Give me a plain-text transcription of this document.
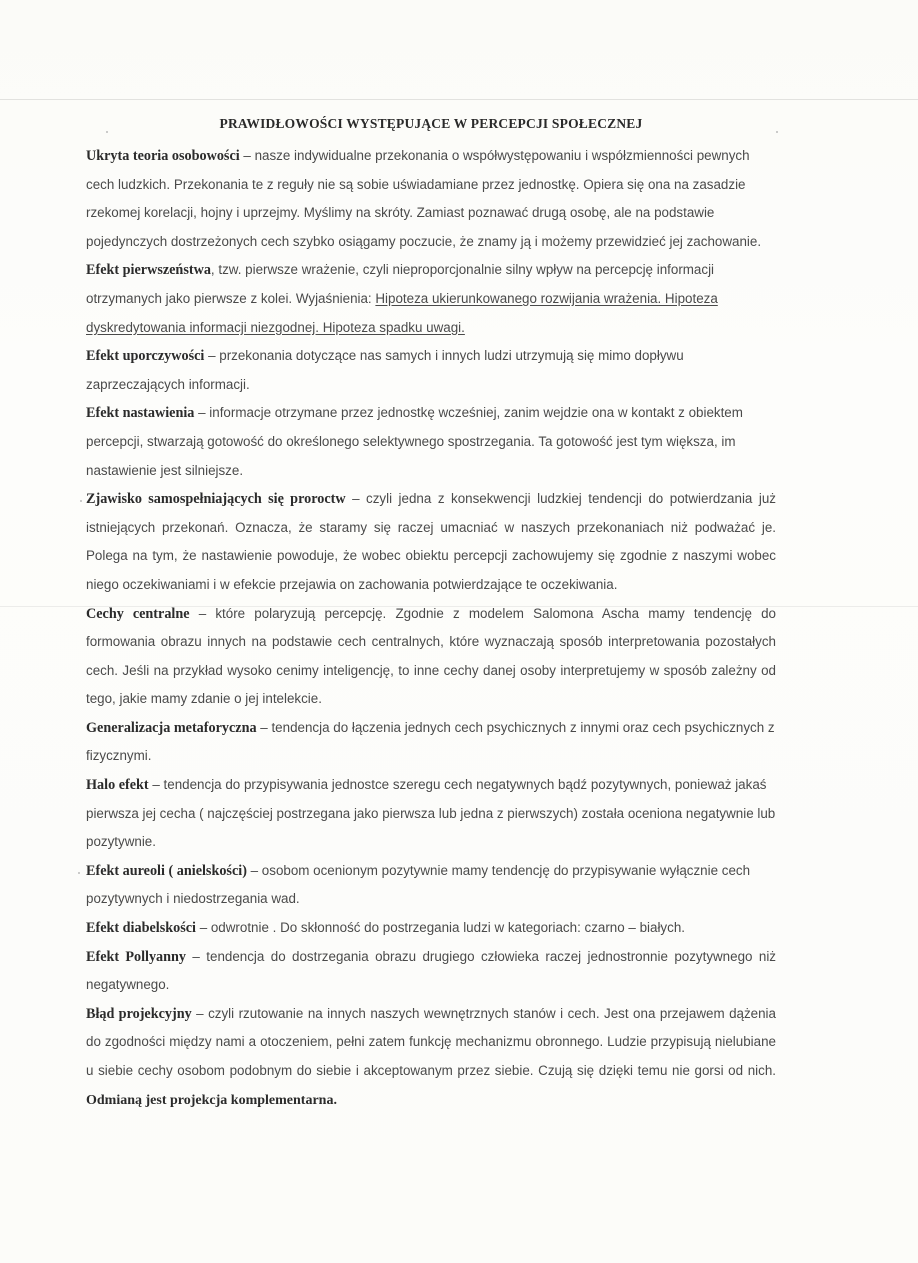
PRAWIDŁOWOŚCI WYSTĘPUJĄCE W PERCEPCJI SPOŁECZNEJ

Ukryta teoria osobowości – nasze indywidualne przekonania o współwystępowaniu i współzmienności pewnych cech ludzkich. Przekonania te z reguły nie są sobie uświadamiane przez jednostkę. Opiera się ona na zasadzie rzekomej korelacji, hojny i uprzejmy. Myślimy na skróty. Zamiast poznawać drugą osobę, ale na podstawie pojedynczych dostrzeżonych cech szybko osiągamy poczucie, że znamy ją i możemy przewidzieć jej zachowanie.

Efekt pierwszeństwa, tzw. pierwsze wrażenie, czyli nieproporcjonalnie silny wpływ na percepcję informacji otrzymanych jako pierwsze z kolei. Wyjaśnienia: Hipoteza ukierunkowanego rozwijania wrażenia. Hipoteza dyskredytowania informacji niezgodnej. Hipoteza spadku uwagi.

Efekt uporczywości – przekonania dotyczące nas samych i innych ludzi utrzymują się mimo dopływu zaprzeczających informacji.

Efekt nastawienia – informacje otrzymane przez jednostkę wcześniej, zanim wejdzie ona w kontakt z obiektem percepcji, stwarzają gotowość do określonego selektywnego spostrzegania. Ta gotowość jest tym większa, im nastawienie jest silniejsze.

Zjawisko samospełniających się proroctw – czyli jedna z konsekwencji ludzkiej tendencji do potwierdzania już istniejących przekonań. Oznacza, że staramy się raczej umacniać w naszych przekonaniach niż podważać je. Polega na tym, że nastawienie powoduje, że wobec obiektu percepcji zachowujemy się zgodnie z naszymi wobec niego oczekiwaniami i w efekcie przejawia on zachowania potwierdzające te oczekiwania.

Cechy centralne – które polaryzują percepcję. Zgodnie z modelem Salomona Ascha mamy tendencję do formowania obrazu innych na podstawie cech centralnych, które wyznaczają sposób interpretowania pozostałych cech. Jeśli na przykład wysoko cenimy inteligencję, to inne cechy danej osoby interpretujemy w sposób zależny od tego, jakie mamy zdanie o jej intelekcie.

Generalizacja metaforyczna – tendencja do łączenia jednych cech psychicznych z innymi oraz cech psychicznych z fizycznymi.

Halo efekt – tendencja do przypisywania jednostce szeregu cech negatywnych bądź pozytywnych, ponieważ jakaś pierwsza jej cecha ( najczęściej postrzegana jako pierwsza lub jedna z pierwszych) została oceniona negatywnie lub pozytywnie.

Efekt aureoli ( anielskości) – osobom ocenionym pozytywnie mamy tendencję do przypisywanie wyłącznie cech pozytywnych i niedostrzegania wad.

Efekt diabelskości – odwrotnie . Do skłonność do postrzegania ludzi w kategoriach: czarno – białych.

Efekt Pollyanny – tendencja do dostrzegania obrazu drugiego człowieka raczej jednostronnie pozytywnego niż negatywnego.

Błąd projekcyjny – czyli rzutowanie na innych naszych wewnętrznych stanów i cech. Jest ona przejawem dążenia do zgodności między nami a otoczeniem, pełni zatem funkcję mechanizmu obronnego. Ludzie przypisują nielubiane u siebie cechy osobom podobnym do siebie i akceptowanym przez siebie. Czują się dzięki temu nie gorsi od nich. Odmianą jest projekcja komplementarna.
